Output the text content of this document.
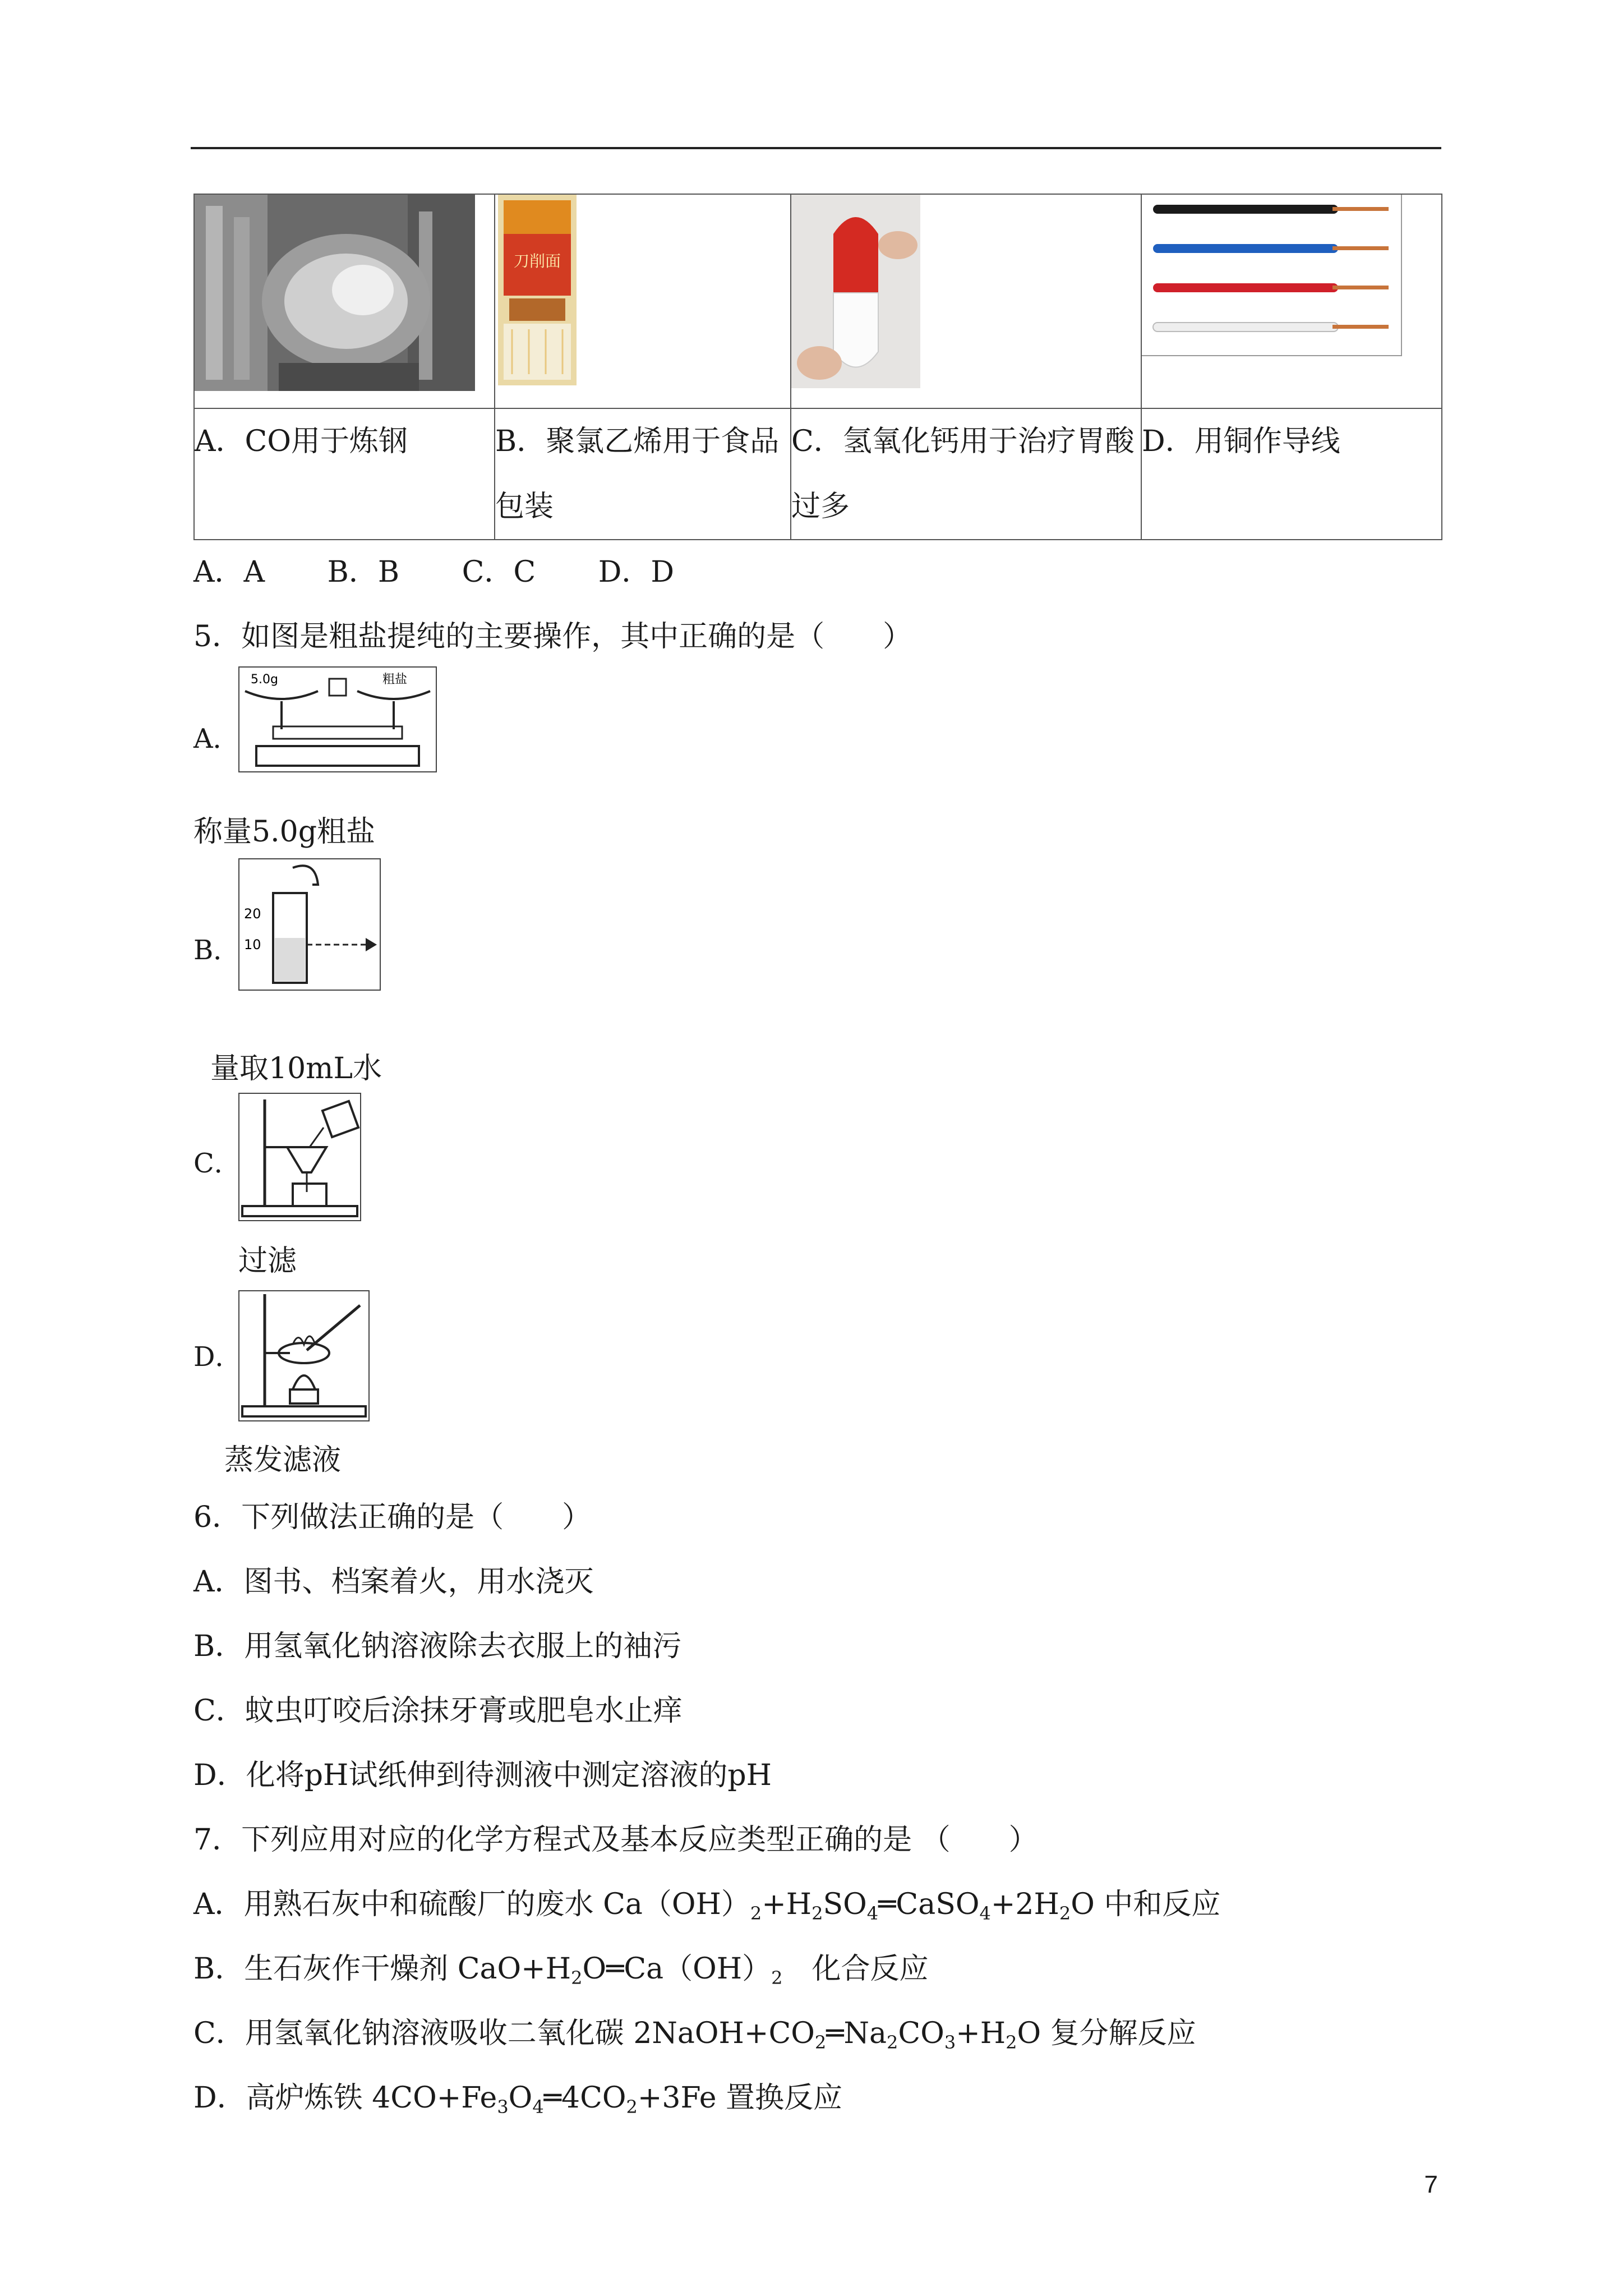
刀削面

A．CO用于炼钢	B．聚氯乙烯用于食品包装	C．氢氧化钙用于治疗胃酸过多	D．用铜作导线
A．A B．B C．C D．D
5．如图是粗盐提纯的主要操作，其中正确的是（　　）
A．
5.0g	粗盐
称量5.0g粗盐
B．
20
10
量取10mL水
C．
过滤
D．
蒸发滤液
6．下列做法正确的是（　　）
A．图书、档案着火，用水浇灭
B．用氢氧化钠溶液除去衣服上的袖污
C．蚊虫叮咬后涂抹牙膏或肥皂水止痒
D．化将pH试纸伸到待测液中测定溶液的pH
7．下列应用对应的化学方程式及基本反应类型正确的是 （　　）
A．用熟石灰中和硫酸厂的废水 $Ca(OH)_2+H_2SO_4═CaSO_4+2H_2O$ 中和反应
B．生石灰作干燥剂 $CaO+H_2O═Ca(OH)_2$　化合反应
C．用氢氧化钠溶液吸收二氧化碳 $2NaOH+CO_2═Na_2CO_3+H_2O$ 复分解反应
D．高炉炼铁 $4CO+Fe_3O_4═4CO_2+3Fe$ 置换反应
7
